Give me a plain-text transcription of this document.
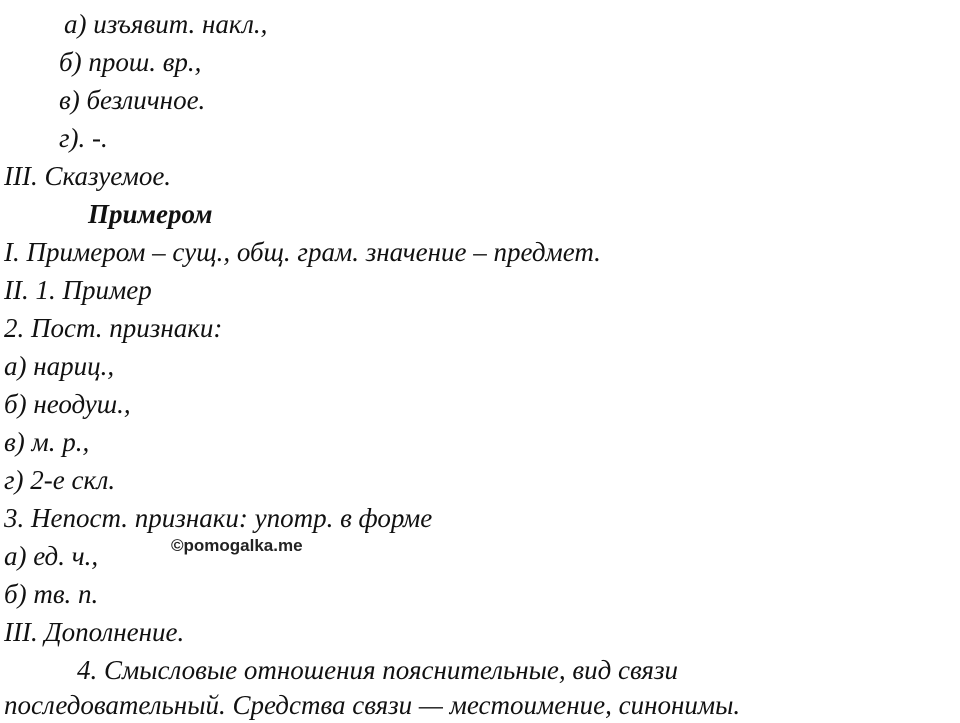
а) изъявит. накл.,
б) прош. вр.,
в) безличное.
г). -.
III. Сказуемое.
Примером
I. Примером – сущ., общ. грам. значение – предмет.
II. 1. Пример
2. Пост. признаки:
а) нариц.,
б) неодуш.,
в) м. р.,
г) 2-е скл.
3. Непост. признаки: употр. в форме
а) ед. ч.,
б) тв. п.
III. Дополнение.
4. Смысловые отношения пояснительные, вид связи
последовательный. Средства связи — местоимение, синонимы.
©pomogalka.me
